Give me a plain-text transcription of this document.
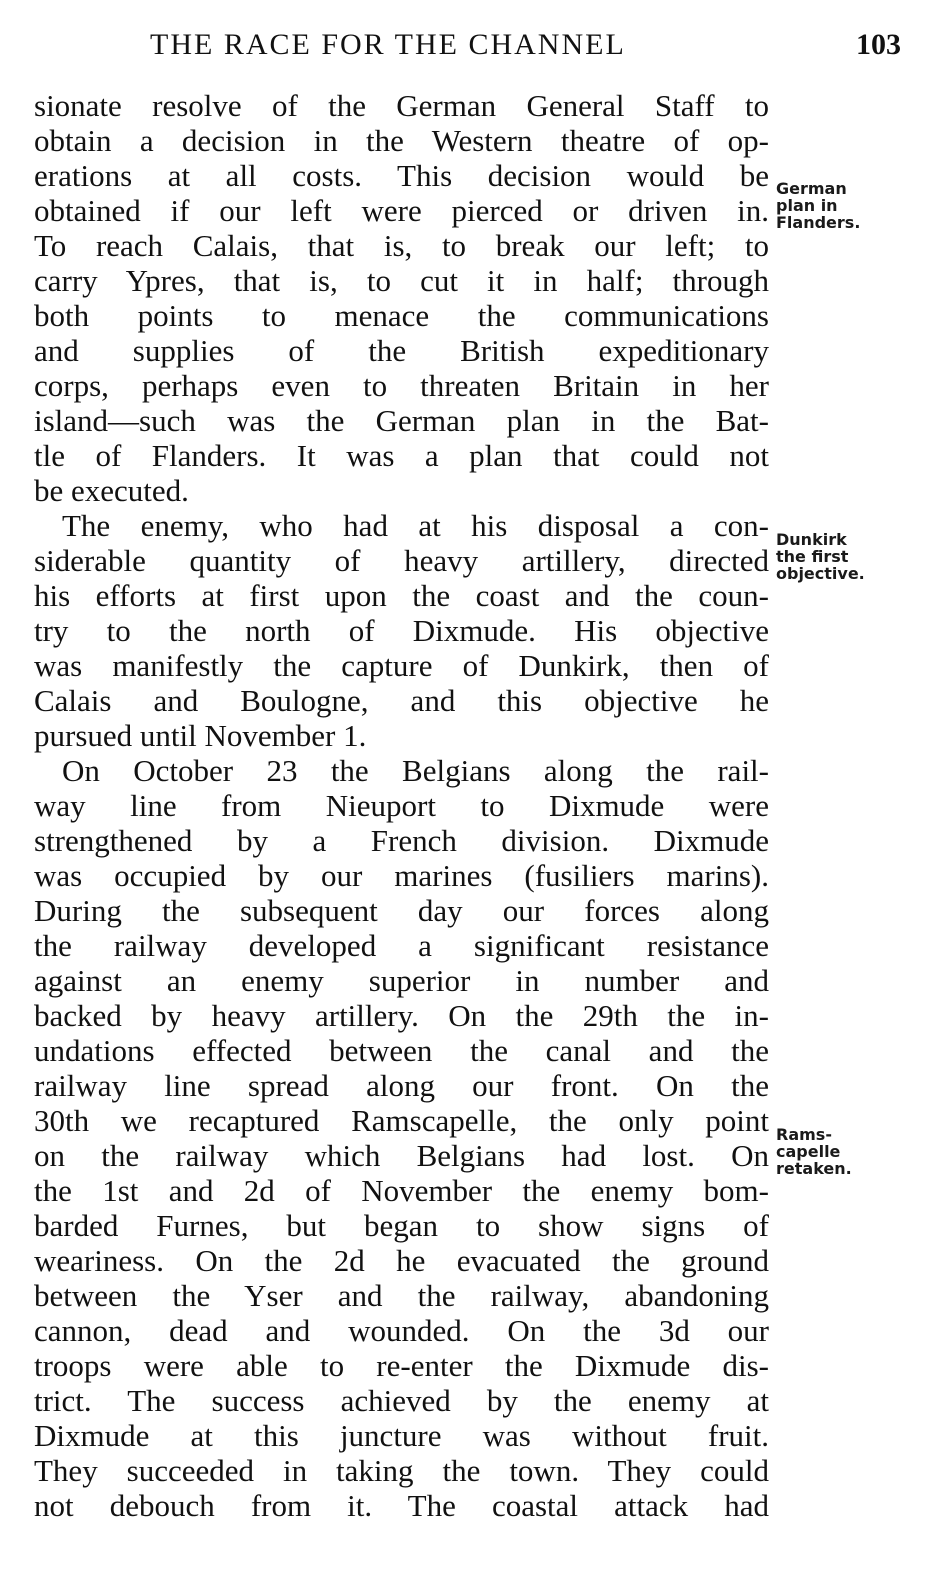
THE RACE FOR THE CHANNEL	103
sionate resolve of the German General Staff to
obtain a decision in the Western theatre of op-
erations at all costs. This decision would be
obtained if our left were pierced or driven in.
To reach Calais, that is, to break our left; to
carry Ypres, that is, to cut it in half; through
both points to menace the communications
and supplies of the British expeditionary
corps, perhaps even to threaten Britain in her
island—such was the German plan in the Bat-
tle of Flanders. It was a plan that could not
be executed.
The enemy, who had at his disposal a con-
siderable quantity of heavy artillery, directed
his efforts at first upon the coast and the coun-
try to the north of Dixmude. His objective
was manifestly the capture of Dunkirk, then of
Calais and Boulogne, and this objective he
pursued until November 1.
On October 23 the Belgians along the rail-
way line from Nieuport to Dixmude were
strengthened by a French division. Dixmude
was occupied by our marines (fusiliers marins).
During the subsequent day our forces along
the railway developed a significant resistance
against an enemy superior in number and
backed by heavy artillery. On the 29th the in-
undations effected between the canal and the
railway line spread along our front. On the
30th we recaptured Ramscapelle, the only point
on the railway which Belgians had lost. On
the 1st and 2d of November the enemy bom-
barded Furnes, but began to show signs of
weariness. On the 2d he evacuated the ground
between the Yser and the railway, abandoning
cannon, dead and wounded. On the 3d our
troops were able to re-enter the Dixmude dis-
trict. The success achieved by the enemy at
Dixmude at this juncture was without fruit.
They succeeded in taking the town. They could
not debouch from it. The coastal attack had
German
plan in
Flanders.
Dunkirk
the first
objective.
Rams-
capelle
retaken.
